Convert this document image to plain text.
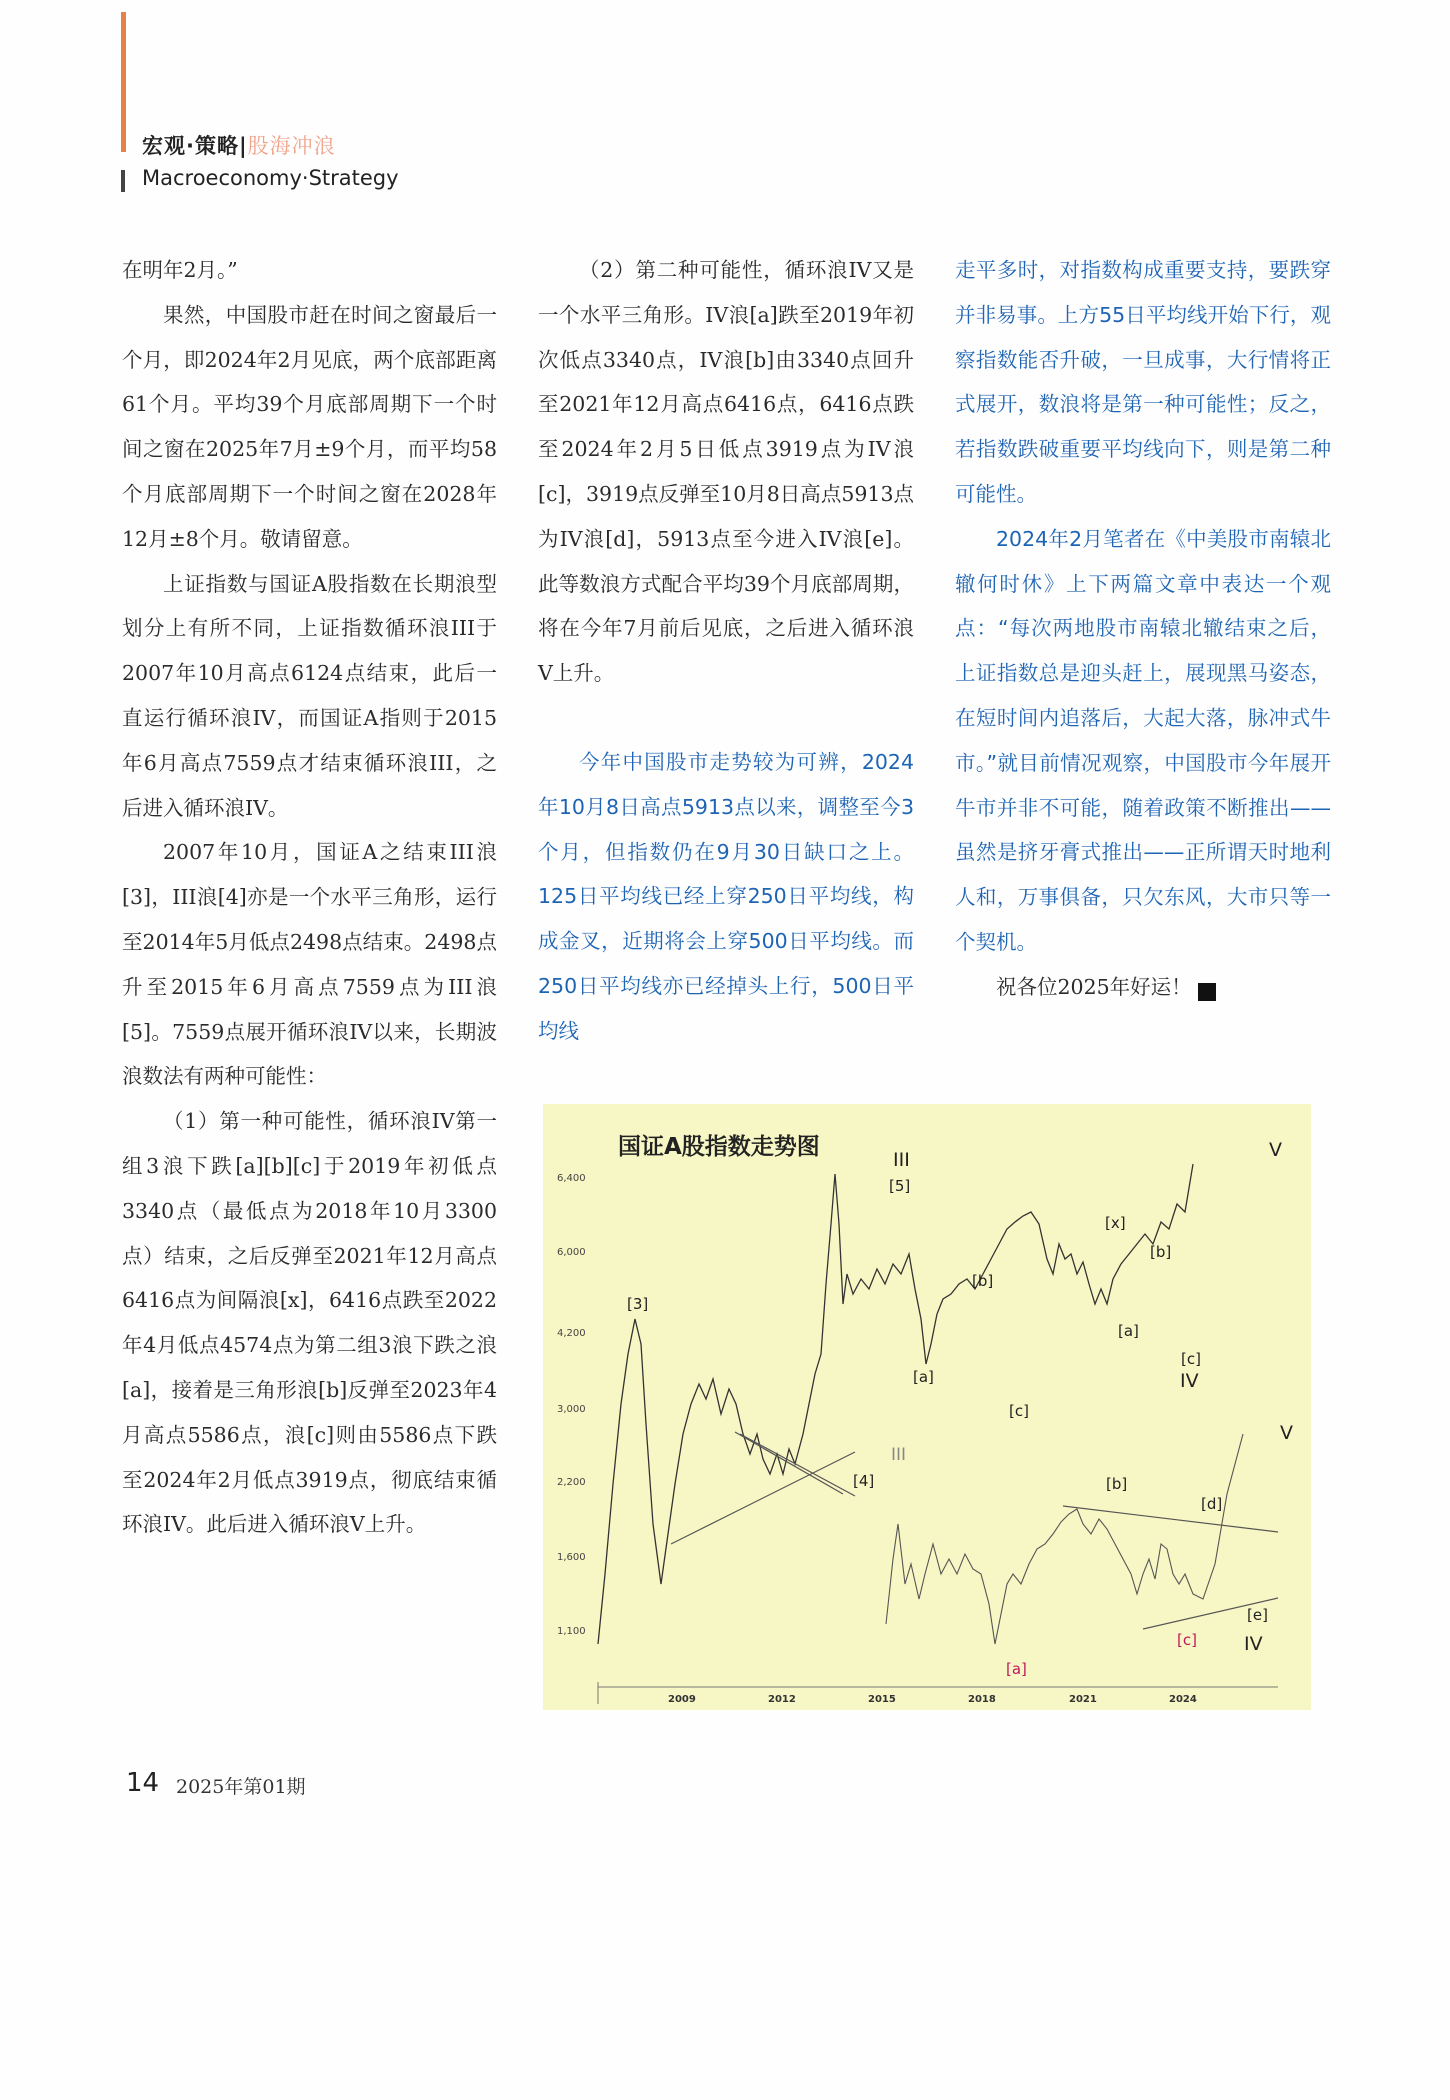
宏观·策略|股海冲浪
Macroeconomy·Strategy

在明年2月。”

果然，中国股市赶在时间之窗最后一个月，即2024年2月见底，两个底部距离61个月。平均39个月底部周期下一个时间之窗在2025年7月±9个月，而平均58个月底部周期下一个时间之窗在2028年12月±8个月。敬请留意。

上证指数与国证A股指数在长期浪型划分上有所不同，上证指数循环浪III于2007年10月高点6124点结束，此后一直运行循环浪IV，而国证A指则于2015年6月高点7559点才结束循环浪III，之后进入循环浪IV。

2007年10月，国证A之结束III浪[3]，III浪[4]亦是一个水平三角形，运行至2014年5月低点2498点结束。2498点升至2015年6月高点7559点为III浪[5]。7559点展开循环浪IV以来，长期波浪数法有两种可能性：

（1）第一种可能性，循环浪IV第一组3浪下跌[a][b][c]于2019年初低点3340点（最低点为2018年10月3300点）结束，之后反弹至2021年12月高点6416点为间隔浪[x]，6416点跌至2022年4月低点4574点为第二组3浪下跌之浪[a]，接着是三角形浪[b]反弹至2023年4月高点5586点，浪[c]则由5586点下跌至2024年2月低点3919点，彻底结束循环浪IV。此后进入循环浪V上升。

（2）第二种可能性，循环浪IV又是一个水平三角形。IV浪[a]跌至2019年初次低点3340点，IV浪[b]由3340点回升至2021年12月高点6416点，6416点跌至2024年2月5日低点3919点为IV浪[c]，3919点反弹至10月8日高点5913点为IV浪[d]，5913点至今进入IV浪[e]。此等数浪方式配合平均39个月底部周期，将在今年7月前后见底，之后进入循环浪V上升。

今年中国股市走势较为可辨，2024年10月8日高点5913点以来，调整至今3个月，但指数仍在9月30日缺口之上。125日平均线已经上穿250日平均线，构成金叉，近期将会上穿500日平均线。而250日平均线亦已经掉头上行，500日平均线

走平多时，对指数构成重要支持，要跌穿并非易事。上方55日平均线开始下行，观察指数能否升破，一旦成事，大行情将正式展开，数浪将是第一种可能性；反之，若指数跌破重要平均线向下，则是第二种可能性。

2024年2月笔者在《中美股市南辕北辙何时休》上下两篇文章中表达一个观点：“每次两地股市南辕北辙结束之后，上证指数总是迎头赶上，展现黑马姿态，在短时间内追落后，大起大落，脉冲式牛市。”就目前情况观察，中国股市今年展开牛市并非不可能，随着政策不断推出——虽然是挤牙膏式推出——正所谓天时地利人和，万事俱备，只欠东风，大市只等一个契机。

祝各位2025年好运！	A

国证A股指数走势图
6,400
6,000
4,200
3,000
2,200
1,600
1,100
2009	2012	2015	2018	2021	2024
III
[5]
[3]
[4]
[a]
[b]
[c]
[x]
[a]
[b]
[c]
IV
V
III
[a]
[b]
[c]
[d]
[e]
IV
V
14 2025年第01期
